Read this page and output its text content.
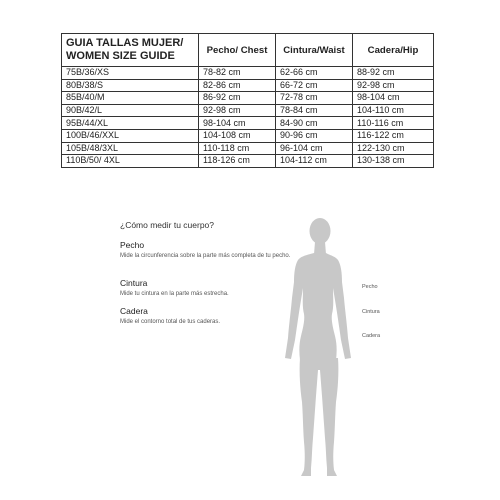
GUIA TALLAS MUJER/
WOMEN SIZE GUIDE	Pecho/ Chest	Cintura/Waist	Cadera/Hip
75B/36/XS	78-82 cm	62-66 cm	88-92 cm
80B/38/S	82-86 cm	66-72 cm	92-98 cm
85B/40/M	86-92 cm	72-78 cm	98-104 cm
90B/42/L	92-98 cm	78-84 cm	104-110 cm
95B/44/XL	98-104 cm	84-90 cm	110-116 cm
100B/46/XXL	104-108 cm	90-96 cm	116-122 cm
105B/48/3XL	110-118 cm	96-104 cm	122-130 cm
110B/50/ 4XL	118-126 cm	104-112 cm	130-138 cm
¿Cómo medir tu cuerpo?
Pecho
Mide la circunferencia sobre la parte más completa de tu pecho.
Cintura
Mide tu cintura en la parte más estrecha.
Cadera
Mide el contorno total de tus caderas.
Pecho
Cintura
Cadera
